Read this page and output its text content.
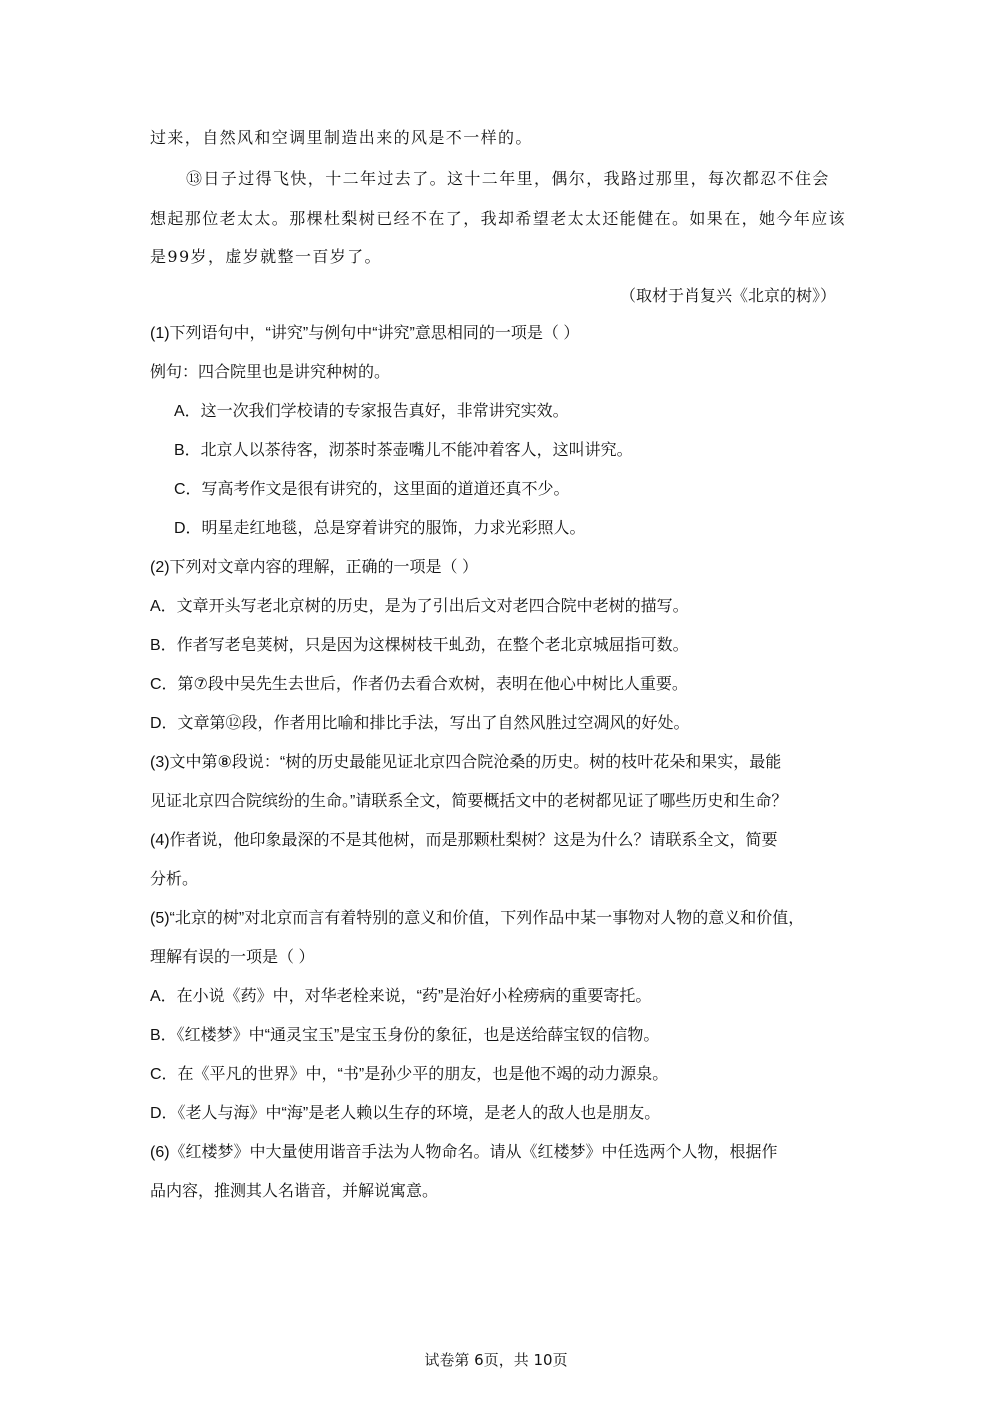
过来，自然风和空调里制造出来的风是不一样的。
⑬日子过得飞快，十二年过去了。这十二年里，偶尔，我路过那里，每次都忍不住会
想起那位老太太。那棵杜梨树已经不在了，我却希望老太太还能健在。如果在，她今年应该
是99岁，虚岁就整一百岁了。
（取材于肖复兴《北京的树》）
(1)下列语句中，“讲究”与例句中“讲究”意思相同的一项是（ ）
例句：四合院里也是讲究种树的。
A．这一次我们学校请的专家报告真好，非常讲究实效。
B．北京人以茶待客，沏茶时茶壶嘴儿不能冲着客人，这叫讲究。
C．写高考作文是很有讲究的，这里面的道道还真不少。
D．明星走红地毯，总是穿着讲究的服饰，力求光彩照人。
(2)下列对文章内容的理解，正确的一项是（ ）
A．文章开头写老北京树的历史，是为了引出后文对老四合院中老树的描写。
B．作者写老皂荚树，只是因为这棵树枝干虬劲，在整个老北京城屈指可数。
C．第⑦段中吴先生去世后，作者仍去看合欢树，表明在他心中树比人重要。
D．文章第⑫段，作者用比喻和排比手法，写出了自然风胜过空凋风的好处。
(3)文中第⑧段说：“树的历史最能见证北京四合院沧桑的历史。树的枝叶花朵和果实，最能
见证北京四合院缤纷的生命。”请联系全文，简要概括文中的老树都见证了哪些历史和生命？
(4)作者说，他印象最深的不是其他树，而是那颗杜梨树？这是为什么？请联系全文，简要
分析。
(5)“北京的树”对北京而言有着特别的意义和价值，下列作品中某一事物对人物的意义和价值，
理解有误的一项是（ ）
A．在小说《药》中，对华老栓来说，“药”是治好小栓痨病的重要寄托。
B．《红楼梦》中“通灵宝玉”是宝玉身份的象征，也是送给薛宝钗的信物。
C．在《平凡的世界》中，“书”是孙少平的朋友，也是他不竭的动力源泉。
D．《老人与海》中“海”是老人赖以生存的环境，是老人的敌人也是朋友。
(6)《红楼梦》中大量使用谐音手法为人物命名。请从《红楼梦》中任选两个人物，根据作
品内容，推测其人名谐音，并解说寓意。
试卷第 6页，共 10页
